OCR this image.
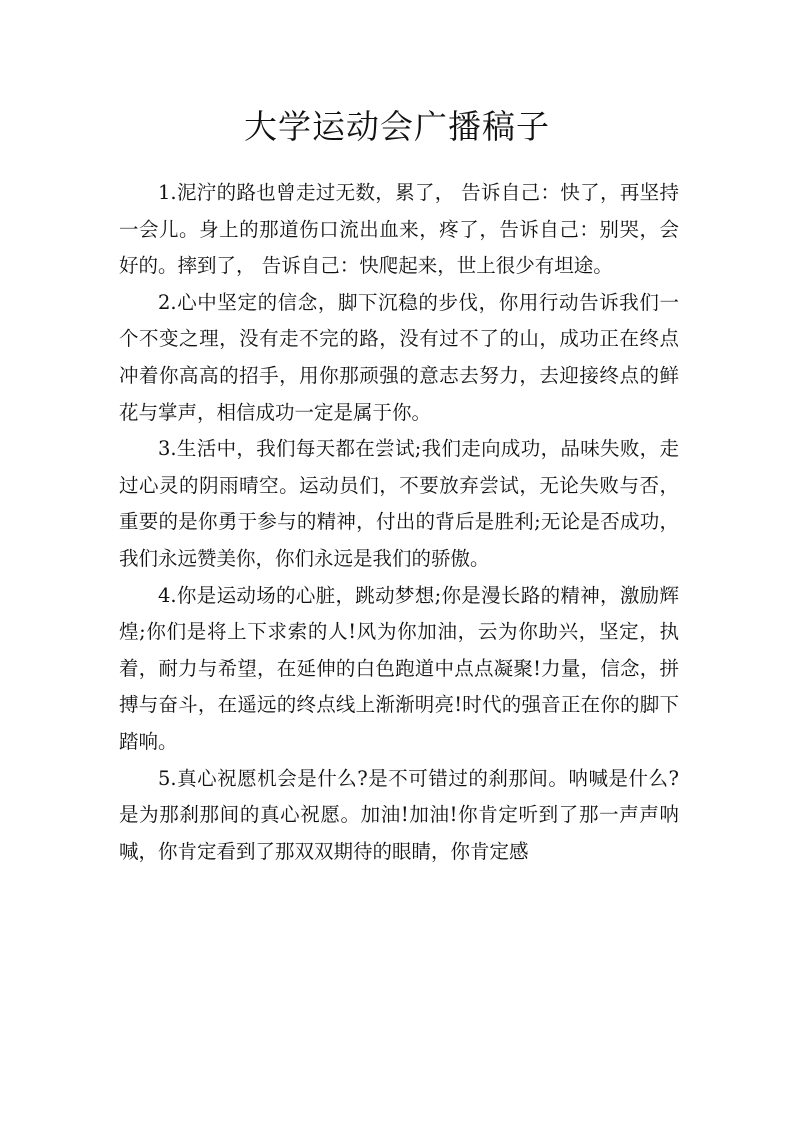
大学运动会广播稿子

1.泥泞的路也曾走过无数，累了， 告诉自己：快了，再坚持一会儿。身上的那道伤口流出血来，疼了，告诉自己：别哭，会好的。摔到了， 告诉自己：快爬起来，世上很少有坦途。

2.心中坚定的信念，脚下沉稳的步伐，你用行动告诉我们一个不变之理，没有走不完的路，没有过不了的山，成功正在终点冲着你高高的招手，用你那顽强的意志去努力，去迎接终点的鲜花与掌声，相信成功一定是属于你。

3.生活中，我们每天都在尝试;我们走向成功，品味失败，走过心灵的阴雨晴空。运动员们，不要放弃尝试，无论失败与否，重要的是你勇于参与的精神，付出的背后是胜利;无论是否成功，我们永远赞美你，你们永远是我们的骄傲。

4.你是运动场的心脏，跳动梦想;你是漫长路的精神，激励辉煌;你们是将上下求索的人!风为你加油，云为你助兴，坚定，执着，耐力与希望，在延伸的白色跑道中点点凝聚!力量，信念，拼搏与奋斗，在遥远的终点线上渐渐明亮!时代的强音正在你的脚下踏响。

5.真心祝愿机会是什么?是不可错过的刹那间。呐喊是什么?是为那刹那间的真心祝愿。加油!加油!你肯定听到了那一声声呐喊，你肯定看到了那双双期待的眼睛，你肯定感
